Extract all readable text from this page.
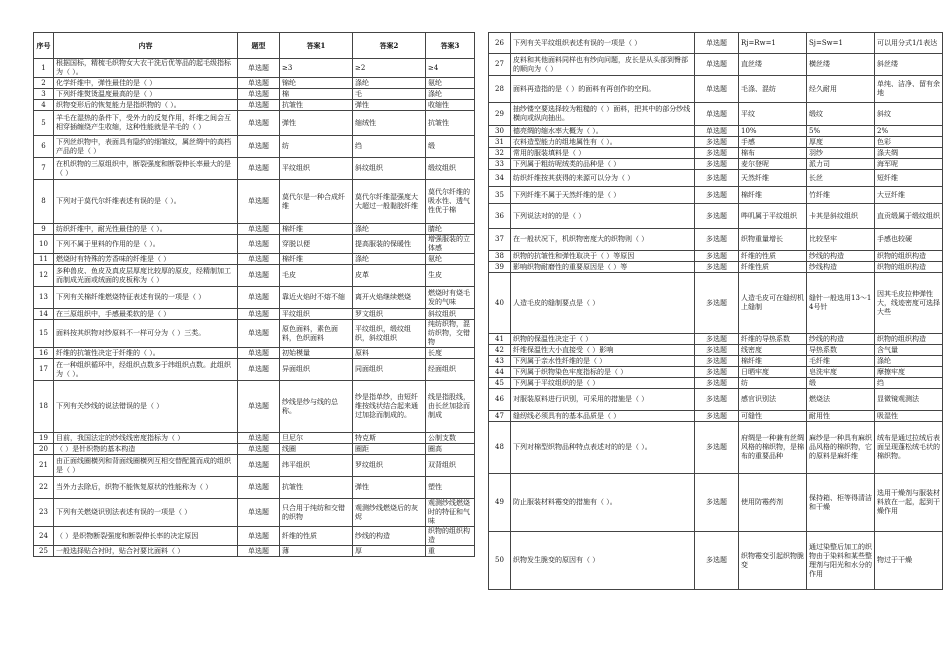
序号	内容	题型	答案1	答案2	答案3
1	根据国标，精梳毛织物女大衣干洗后优等品的起毛级指标为（ ）。	单选题	≥3	≥2	≥4
2	化学纤维中，弹性最佳的是（ ）	单选题	锦纶	涤纶	氨纶
3	下列纤维熨烫温度最高的是（ ）	单选题	棉	毛	涤纶
4	织物变形后的恢复能力是指织物的（ ）。	单选题	抗皱性	弹性	收缩性
5	羊毛在湿热的条件下，受外力的反复作用，纤维之间会互相穿插缠绕产生收缩，这种性能就是羊毛的（ ）	单选题	弹性	缩绒性	抗皱性
6	下列丝织物中，表面具有隐约的细皱纹，属丝绸中的高档产品的是（ ）	单选题	纺	绉	缎
7	在机织物的三原组织中，断裂强度和断裂伸长率最大的是（ ）	单选题	平纹组织	斜纹组织	缎纹组织
8	下列对于莫代尔纤维表述有误的是（ ）。	单选题	莫代尔是一种合成纤维	莫代尔纤维湿强度大大超过一般黏胶纤维	莫代尔纤维的吸水性、透气性优于棉
9	纺织纤维中，耐光性最佳的是（ ）。	单选题	棉纤维	涤纶	腈纶
10	下列不属于里料的作用的是（ ）。	单选题	穿脱以便	提高服装的保暖性	增强服装的立体感
11	燃烧时有特殊的芳香味的纤维是（ ）	单选题	棉纤维	涤纶	氨纶
12	多种兽皮、鱼皮及真皮层厚度比较厚的原皮，经精制加工而制成光面或绒面的皮板称为（ ）	单选题	毛皮	皮革	生皮
13	下列有关棉纤维燃烧特征表述有误的一项是（ ）	单选题	靠近火焰时不熔不缩	离开火焰继续燃烧	燃烧时有烧毛发的气味
14	在三原组织中，手感最柔软的是（ ）	单选题	平纹组织	罗文组织	斜纹组织
15	面料按其织物对纱原料不一样可分为（ ）三类。	单选题	原色面料，素色面料，色织面料	平纹组织，缎纹组织，斜纹组织	纯纺织物，混纺织物，交错物
16	纤维的抗皱性决定于纤维的（ ）。	单选题	初始模量	原料	长度
17	在一种组织循环中，经组织点数多于纬组织点数。此组织为（ ）。	单选题	异面组织	同面组织	经面组织
18	下列有关纱线的说法错误的是（ ）	单选题	纱线是纱与线的总称。	纱是指单纱，由短纤维按线状结合起来通过加捻而制成的。	线是指股线，由长丝加捻而制成
19	目前，我国法定的纱线线密度指标为（ ）	单选题	旦尼尔	特克斯	公制支数
20	（ ）是针织物的基本构造	单选题	线圈	圈距	圈高
21	由正面线圈横列和背面线圈横列互相交替配置而成的组织是（ ）	单选题	纬平组织	罗纹组织	双背组织
22	当外力去除后，织物不能恢复原状的性能称为（ ）	单选题	抗皱性	弹性	塑性
23	下列有关燃烧识别法表述有误的一项是（ ）	单选题	只合用于纯纺和交错的织物	观测纱线燃烧后的灰烬	观测纱线燃烧时的特征和气味
24	（ ）是织物断裂强度和断裂伸长率的决定原因	单选题	纤维的性质	纱线的构造	织物的组织构造
25	一般选择贴合衬时，贴合衬要比面料（ ）	单选题	薄	厚	重
26	下列有关平纹组织表述有误的一项是（ ）	单选题	Rj=Rw=1	Sj=Sw=1	可以用分式1/1表达
27	皮料和其他面料同样也有纱向问题，皮长是从头部到臀部的顺向为（ ）	单选题	直丝缕	横丝缕	斜丝缕
28	面料再造指的是（ ）的面料有再创作的空间。	单选题	毛涤、混纺	经久耐用	单纯、洁净、留有余地
29	抽纱镂空要选择较为粗糙的（ ）面料，把其中的部分纱线横向或纵向抽出。	单选题	平纹	缎纹	斜纹
30	德亮绸的缩水率大概为（ ）。	单选题	10%	5%	2%
31	衣料造型能力的组地属性有（ ）。	多选题	手感	厚度	色彩
32	常用的服装填料是（ ）	多选题	棉布	羽纱	涤夫绸
33	下列属于粗纺呢绒类的品种是（ ）	多选题	麦尔登呢	派力司	海军呢
34	纺织纤维按其获得的来源可以分为（ ）	多选题	天然纤维	长丝	短纤维
35	下列纤维不属于天然纤维的是（ ）	多选题	棉纤维	竹纤维	大豆纤维
36	下列说法对的的是（ ）	多选题	哔叽属于平纹组织	卡其是斜纹组织	直贡缎属于缎纹组织
37	在一般状况下，机织物密度大的织物则（ ）	多选题	织物重量增长	比较坚牢	手感也较硬
38	织物的抗皱性和弹性取决于（ ）等原因	多选题	纤维的性质	纱线的构造	织物的组织构造
39	影响织物耐磨性的重要原因是（ ）等	多选题	纤维性质	纱线构造	织物的组织构造
40	人造毛皮的缝制要点是（ ）	多选题	人造毛皮可在缝纫机上缝制	缝针一般选用13～14号针	因其毛皮拉伸弹性大，线迹密度可选择大些
41	织物的保温性决定于（ ）	多选题	纤维的导热系数	纱线的构造	织物的组织构造
42	纤维保温性大小直接受（ ）影响	多选题	线密度	导热系数	含气量
43	下列属于亲水性纤维的是（ ）	多选题	棉纤维	毛纤维	涤纶
44	下列属于织物染色牢度指标的是（ ）	多选题	日晒牢度	皂洗牢度	摩擦牢度
45	下列属于平纹组织的是（ ）	多选题	纺	缎	绉
46	对服装原料进行识别，可采用的措施是（ ）	多选题	感官识别法	燃烧法	显微镜观测法
47	缝纫线必须具有的基本品质是（ ）	多选题	可缝性	耐用性	吸湿性
48	下列对棉型织物品种特点表述对的的是（ ）。	多选题	府绸是一种兼有丝绸风格的棉织物，是棉布的重要品种	麻纱是一种具有麻织品风格的棉织物，它的原料是麻纤维	绒布是通过拉绒后表面呈现蓬松绒毛状的棉织物。
49	防止服装材料霉变的措施有（ ）。	多选题	使用防霉药剂	保持箱、柜等得清洁和干燥	选用干燥剂与服装材料放在一起，起到干燥作用
50	织物发生脆变的原因有（ ）	多选题	织物霉变引起织物脆变	通过染整后加工的织物由于染料和某些整理剂与阳光和水分的作用	物过于干燥
